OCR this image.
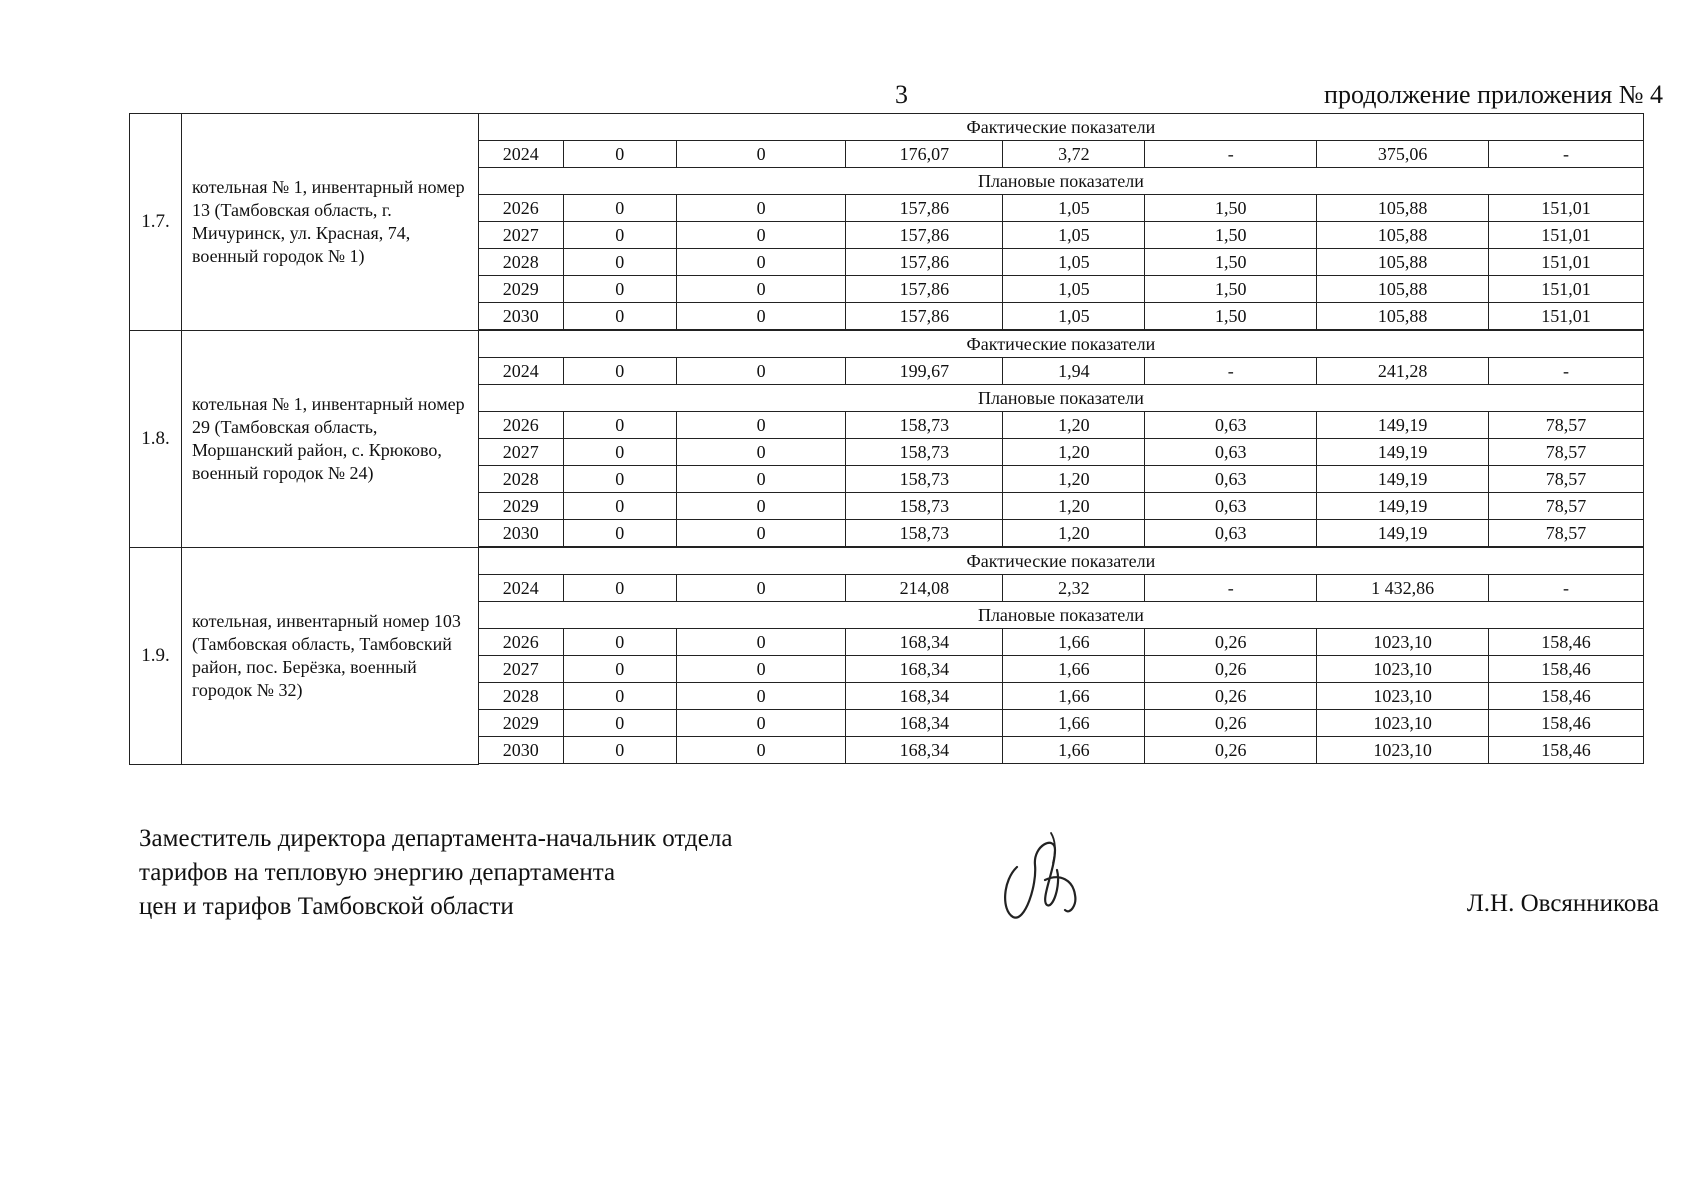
3	продолжение приложения № 4
1.7.	котельная № 1, инвентарный номер 13 (Тамбовская область, г. Мичуринск, ул. Красная, 74, военный городок № 1)	Фактические показатели							
		2024	0	0	176,07	3,72	-	375,06	-
		Плановые показатели							
		2026	0	0	157,86	1,05	1,50	105,88	151,01
		2027	0	0	157,86	1,05	1,50	105,88	151,01
		2028	0	0	157,86	1,05	1,50	105,88	151,01
		2029	0	0	157,86	1,05	1,50	105,88	151,01
		2030	0	0	157,86	1,05	1,50	105,88	151,01

1.8.	котельная № 1, инвентарный номер 29 (Тамбовская область, Моршанский район, с. Крюково, военный городок № 24)	Фактические показатели							
		2024	0	0	199,67	1,94	-	241,28	-
		Плановые показатели							
		2026	0	0	158,73	1,20	0,63	149,19	78,57
		2027	0	0	158,73	1,20	0,63	149,19	78,57
		2028	0	0	158,73	1,20	0,63	149,19	78,57
		2029	0	0	158,73	1,20	0,63	149,19	78,57
		2030	0	0	158,73	1,20	0,63	149,19	78,57

1.9.	котельная, инвентарный номер 103 (Тамбовская область, Тамбовский район, пос. Берёзка, военный городок № 32)	Фактические показатели							
		2024	0	0	214,08	2,32	-	1 432,86	-
		Плановые показатели							
		2026	0	0	168,34	1,66	0,26	1023,10	158,46
		2027	0	0	168,34	1,66	0,26	1023,10	158,46
		2028	0	0	168,34	1,66	0,26	1023,10	158,46
		2029	0	0	168,34	1,66	0,26	1023,10	158,46
		2030	0	0	168,34	1,66	0,26	1023,10	158,46

Заместитель директора департамента-начальник отдела
тарифов на тепловую энергию департамента
цен и тарифов Тамбовской области	Л.Н. Овсянникова
